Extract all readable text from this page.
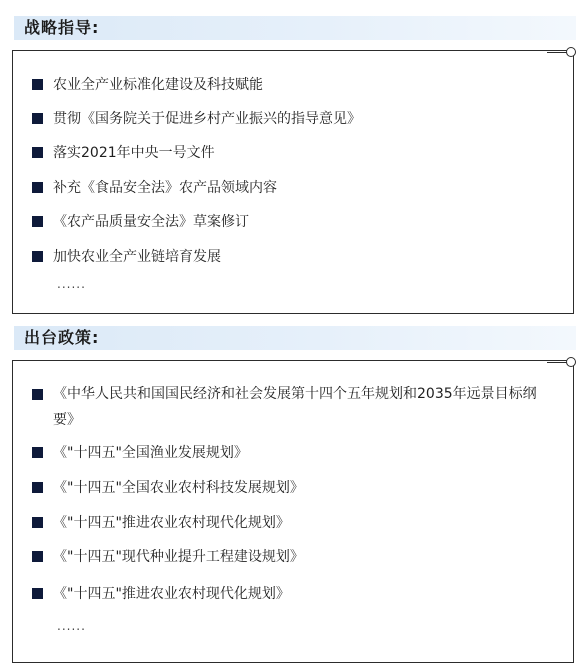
战略指导:
农业全产业标准化建设及科技赋能
贯彻《国务院关于促进乡村产业振兴的指导意见》
落实2021年中央一号文件
补充《食品安全法》农产品领域内容
《农产品质量安全法》草案修订
加快农业全产业链培育发展
......
出台政策:
《中华人民共和国国民经济和社会发展第十四个五年规划和2035年远景目标纲要》
《"十四五"全国渔业发展规划》
《"十四五"全国农业农村科技发展规划》
《"十四五"推进农业农村现代化规划》
《"十四五"现代种业提升工程建设规划》
《"十四五"推进农业农村现代化规划》
......
